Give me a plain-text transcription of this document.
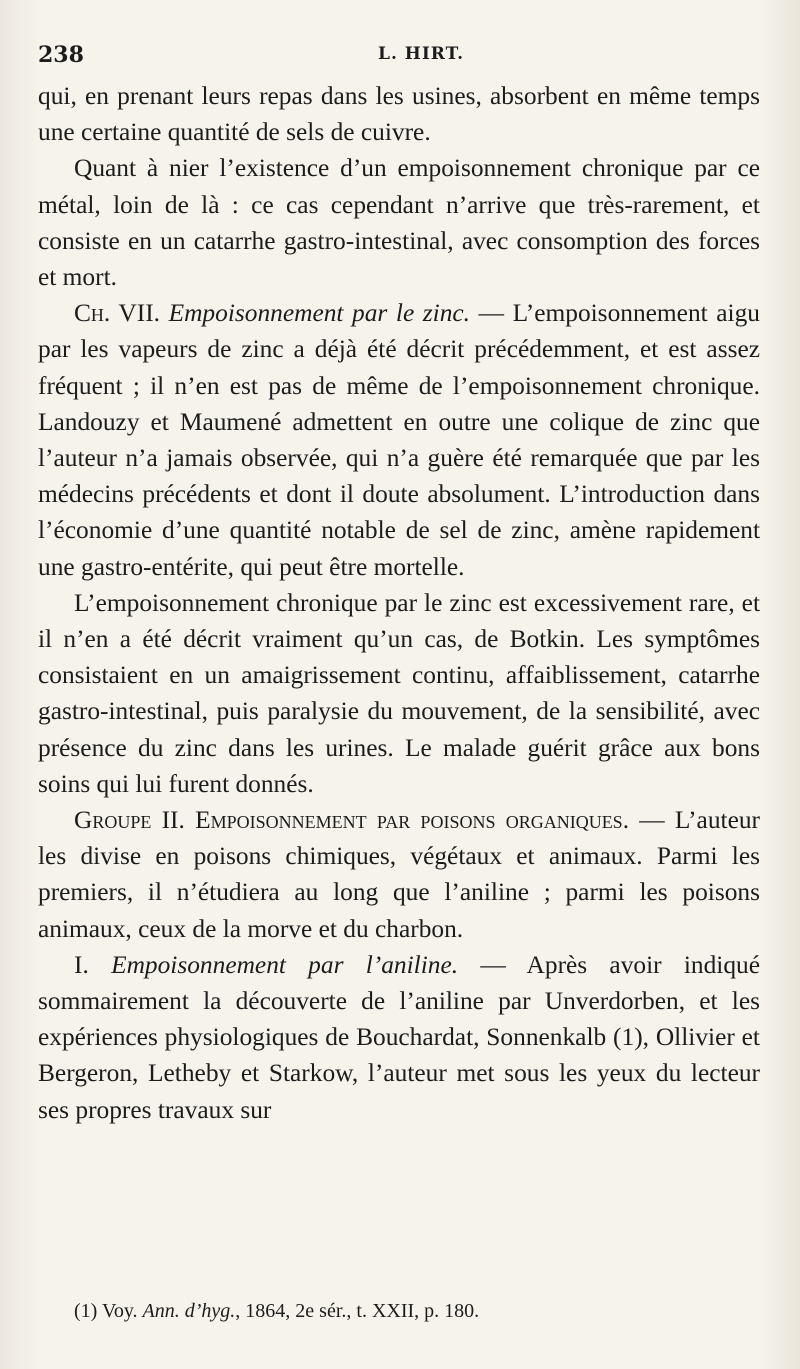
238	L. HIRT.

qui, en prenant leurs repas dans les usines, absorbent en même temps une certaine quantité de sels de cuivre.

Quant à nier l’existence d’un empoisonnement chronique par ce métal, loin de là : ce cas cependant n’arrive que très-rarement, et consiste en un catarrhe gastro-intestinal, avec consomption des forces et mort.

Ch. VII. Empoisonnement par le zinc. — L’empoisonnement aigu par les vapeurs de zinc a déjà été décrit précédemment, et est assez fréquent ; il n’en est pas de même de l’empoisonnement chronique. Landouzy et Maumené admettent en outre une colique de zinc que l’auteur n’a jamais observée, qui n’a guère été remarquée que par les médecins précédents et dont il doute absolument. L’introduction dans l’économie d’une quantité notable de sel de zinc, amène rapidement une gastro-entérite, qui peut être mortelle.

L’empoisonnement chronique par le zinc est excessivement rare, et il n’en a été décrit vraiment qu’un cas, de Botkin. Les symptômes consistaient en un amaigrissement continu, affaiblissement, catarrhe gastro-intestinal, puis paralysie du mouvement, de la sensibilité, avec présence du zinc dans les urines. Le malade guérit grâce aux bons soins qui lui furent donnés.

Groupe II. Empoisonnement par poisons organiques. — L’auteur les divise en poisons chimiques, végétaux et animaux. Parmi les premiers, il n’étudiera au long que l’aniline ; parmi les poisons animaux, ceux de la morve et du charbon.

I. Empoisonnement par l’aniline. — Après avoir indiqué sommairement la découverte de l’aniline par Unverdorben, et les expériences physiologiques de Bouchardat, Sonnenkalb (1), Ollivier et Bergeron, Letheby et Starkow, l’auteur met sous les yeux du lecteur ses propres travaux sur

(1) Voy. Ann. d’hyg., 1864, 2e sér., t. XXII, p. 180.
